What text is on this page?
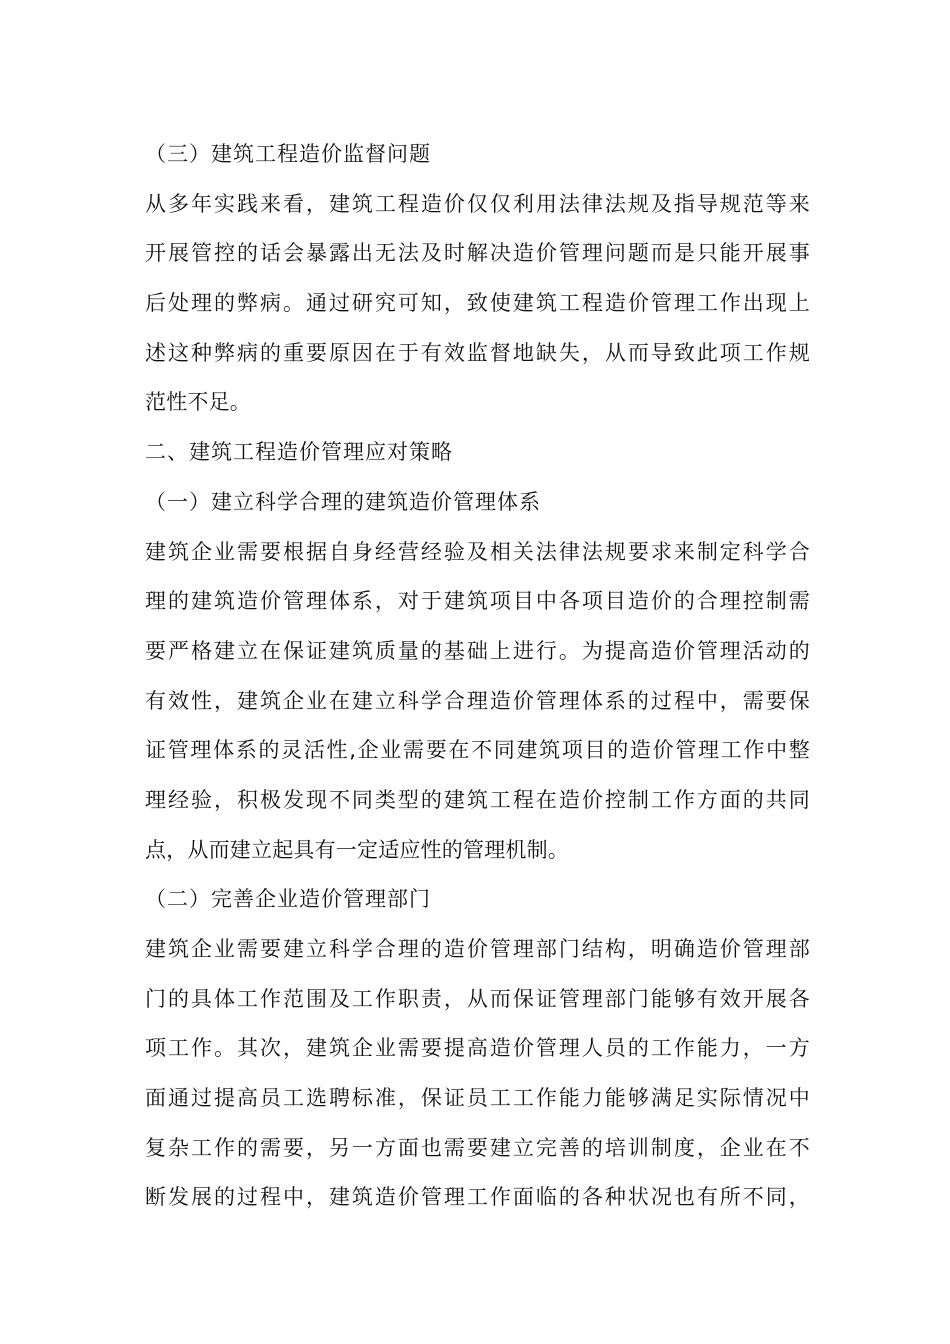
（三）建筑工程造价监督问题
从多年实践来看，建筑工程造价仅仅利用法律法规及指导规范等来
开展管控的话会暴露出无法及时解决造价管理问题而是只能开展事
后处理的弊病。通过研究可知，致使建筑工程造价管理工作出现上
述这种弊病的重要原因在于有效监督地缺失，从而导致此项工作规
范性不足。
二、建筑工程造价管理应对策略
（一）建立科学合理的建筑造价管理体系
建筑企业需要根据自身经营经验及相关法律法规要求来制定科学合
理的建筑造价管理体系，对于建筑项目中各项目造价的合理控制需
要严格建立在保证建筑质量的基础上进行。为提高造价管理活动的
有效性，建筑企业在建立科学合理造价管理体系的过程中，需要保
证管理体系的灵活性,企业需要在不同建筑项目的造价管理工作中整
理经验，积极发现不同类型的建筑工程在造价控制工作方面的共同
点，从而建立起具有一定适应性的管理机制。
（二）完善企业造价管理部门
建筑企业需要建立科学合理的造价管理部门结构，明确造价管理部
门的具体工作范围及工作职责，从而保证管理部门能够有效开展各
项工作。其次，建筑企业需要提高造价管理人员的工作能力，一方
面通过提高员工选聘标准，保证员工工作能力能够满足实际情况中
复杂工作的需要，另一方面也需要建立完善的培训制度，企业在不
断发展的过程中，建筑造价管理工作面临的各种状况也有所不同，
